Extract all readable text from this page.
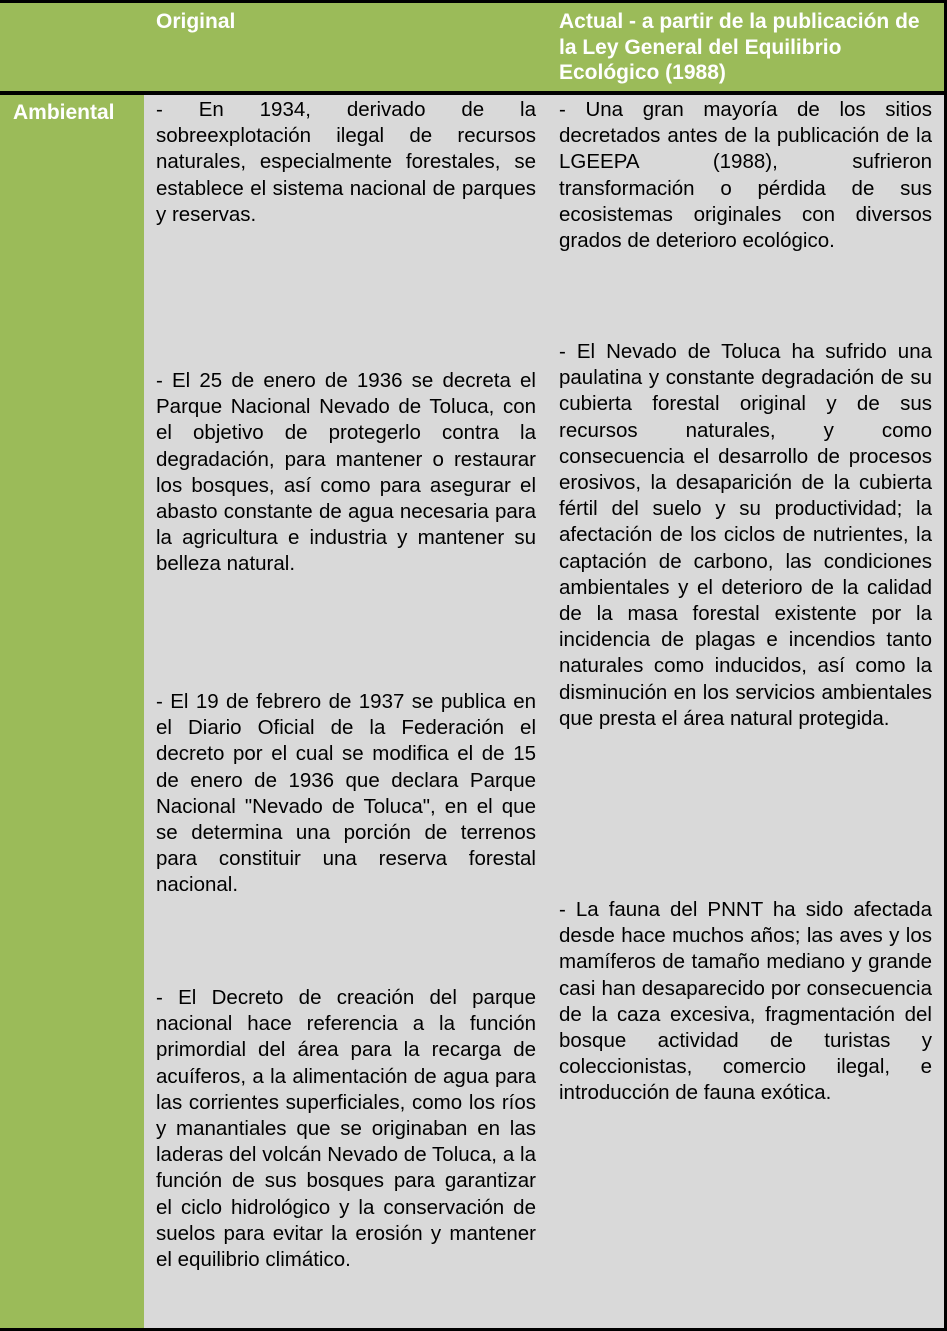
Original	Actual - a partir de la publicación de la Ley General del Equilibrio Ecológico (1988)
Ambiental - En 1934, derivado de la sobreexplotación ilegal de recursos naturales, especialmente forestales, se establece el sistema nacional de parques y reservas.

- El 25 de enero de 1936 se decreta el Parque Nacional Nevado de Toluca, con el objetivo de protegerlo contra la degradación, para mantener o restaurar los bosques, así como para asegurar el abasto constante de agua necesaria para la agricultura e industria y mantener su belleza natural.

- El 19 de febrero de 1937 se publica en el Diario Oficial de la Federación el decreto por el cual se modifica el de 15 de enero de 1936 que declara Parque Nacional "Nevado de Toluca", en el que se determina una porción de terrenos para constituir una reserva forestal nacional.

- El Decreto de creación del parque nacional hace referencia a la función primordial del área para la recarga de acuíferos, a la alimentación de agua para las corrientes superficiales, como los ríos y manantiales que se originaban en las laderas del volcán Nevado de Toluca, a la función de sus bosques para garantizar el ciclo hidrológico y la conservación de suelos para evitar la erosión y mantener el equilibrio climático.

- Una gran mayoría de los sitios decretados antes de la publicación de la LGEEPA (1988), sufrieron transformación o pérdida de sus ecosistemas originales con diversos grados de deterioro ecológico.

- El Nevado de Toluca ha sufrido una paulatina y constante degradación de su cubierta forestal original y de sus recursos naturales, y como consecuencia el desarrollo de procesos erosivos, la desaparición de la cubierta fértil del suelo y su productividad; la afectación de los ciclos de nutrientes, la captación de carbono, las condiciones ambientales y el deterioro de la calidad de la masa forestal existente por la incidencia de plagas e incendios tanto naturales como inducidos, así como la disminución en los servicios ambientales que presta el área natural protegida.

- La fauna del PNNT ha sido afectada desde hace muchos años; las aves y los mamíferos de tamaño mediano y grande casi han desaparecido por consecuencia de la caza excesiva, fragmentación del bosque actividad de turistas y coleccionistas, comercio ilegal, e introducción de fauna exótica.
